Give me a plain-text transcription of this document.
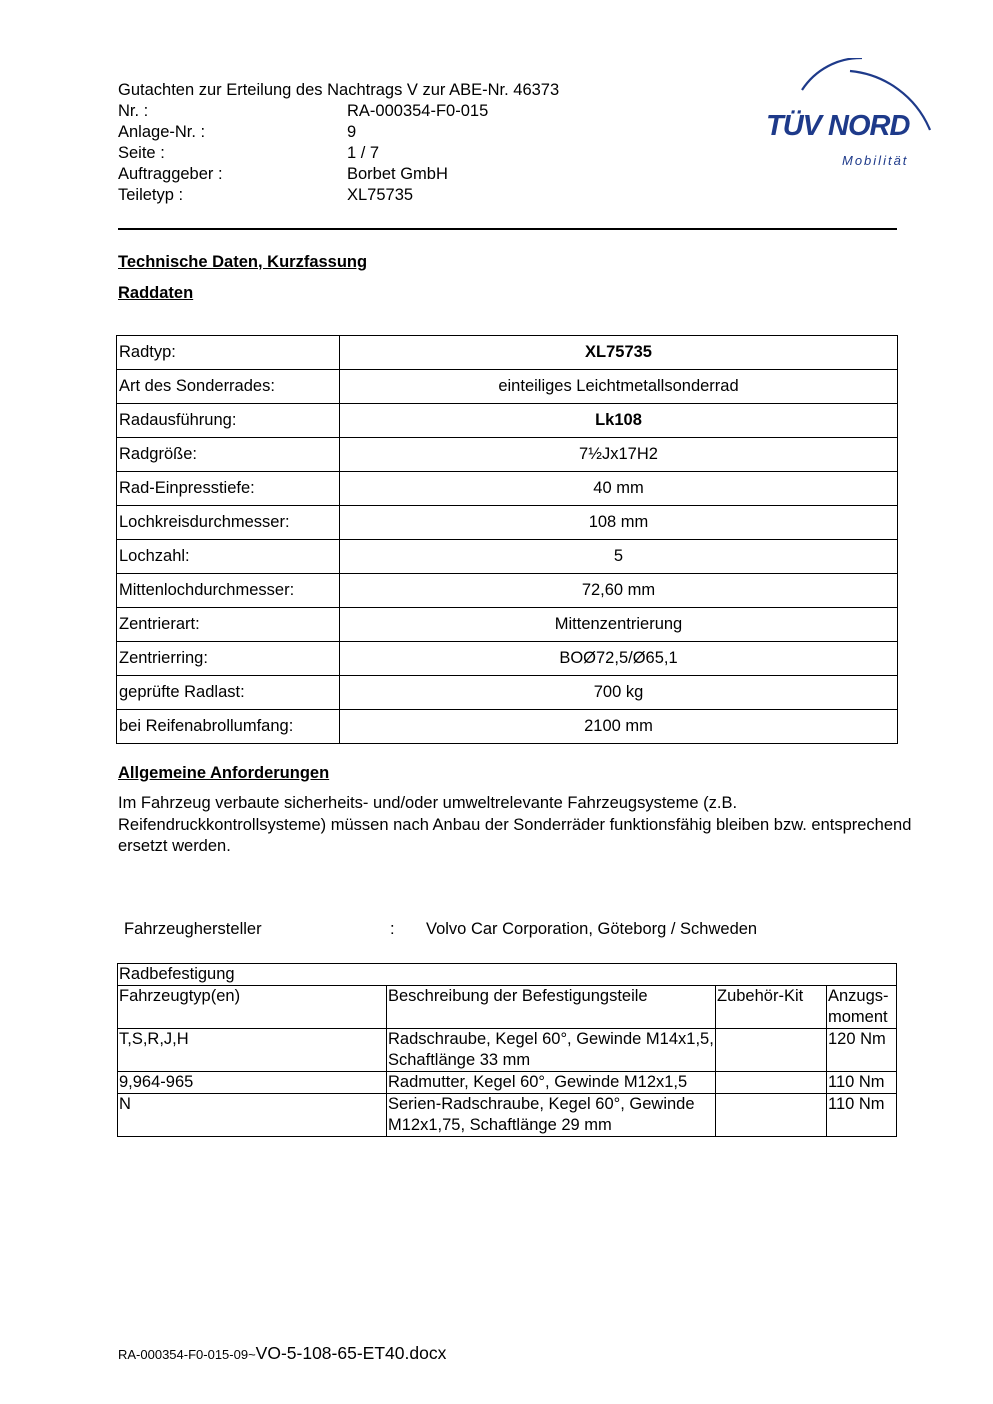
Gutachten zur Erteilung des Nachtrags V zur ABE-Nr. 46373
Nr. :	RA-000354-F0-015
Anlage-Nr. :	9
Seite :	1 / 7
Auftraggeber :	Borbet GmbH
Teiletyp :	XL75735
TÜV NORD
Mobilität
Technische Daten, Kurzfassung
Raddaten
Radtyp:	XL75735
Art des Sonderrades:	einteiliges Leichtmetallsonderrad
Radausführung:	Lk108
Radgröße:	7½Jx17H2
Rad-Einpresstiefe:	40 mm
Lochkreisdurchmesser:	108 mm
Lochzahl:	5
Mittenlochdurchmesser:	72,60 mm
Zentrierart:	Mittenzentrierung
Zentrierring:	BOØ72,5/Ø65,1
geprüfte Radlast:	700 kg
bei Reifenabrollumfang:	2100 mm
Allgemeine Anforderungen
Im Fahrzeug verbaute sicherheits- und/oder umweltrelevante Fahrzeugsysteme (z.B. Reifendruckkontrollsysteme) müssen nach Anbau der Sonderräder funktionsfähig bleiben bzw. entsprechend ersetzt werden.
Fahrzeughersteller	: Volvo Car Corporation, Göteborg / Schweden
Radbefestigung			
Fahrzeugtyp(en)	Beschreibung der Befestigungsteile	Zubehör-Kit	Anzugs-moment
T,S,R,J,H	Radschraube, Kegel 60°, Gewinde M14x1,5, Schaftlänge 33 mm		120 Nm
9,964-965	Radmutter, Kegel 60°, Gewinde M12x1,5		110 Nm
N	Serien-Radschraube, Kegel 60°, Gewinde M12x1,75, Schaftlänge 29 mm		110 Nm
RA-000354-F0-015-09~VO-5-108-65-ET40.docx
